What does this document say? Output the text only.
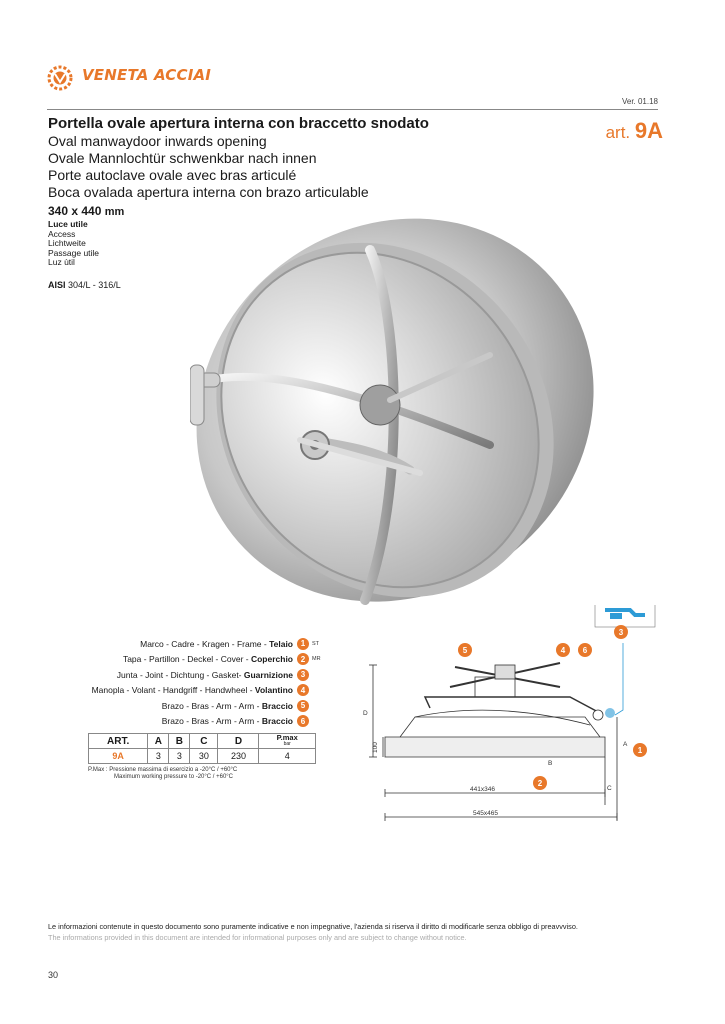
VENETA ACCIAI
Ver. 01.18
Portella ovale apertura interna con braccetto snodato
Oval manwaydoor inwards opening
Ovale Mannlochtür schwenkbar nach innen
Porte autoclave ovale avec bras articulé
Boca ovalada apertura interna con brazo articulable
art. 9A
340 x 440 mm
Luce utile
Access
Lichtweite
Passage utile
Luz ùtil
AISI 304/L - 316/L
Marco - Cadre - Kragen - Frame - Telaio 1	ST
Tapa - Partillon - Deckel - Cover - Coperchio 2	MR
Junta - Joint - Dichtung - Gasket- Guarnizione 3
Manopla - Volant - Handgriff - Handwheel - Volantino 4
Brazo - Bras - Arm - Arm - Braccio 5
Brazo - Bras - Arm - Arm - Braccio 6
ART.	A	B	C	D	P.max
bar

9A	3	3	30	230	4
P.Max : Pressione massima di esercizio a -20°C / +60°C
Maximum working pressure to -20°C / +60°C
5	4 6
1
2
3
D
100	A
B
C
441x346
545x465
Le informazioni contenute in questo documento sono puramente indicative e non impegnative, l'azienda si riserva il diritto di modificarle senza obbligo di preavvviso.
The informations provided in this document are intended for informational purposes only and are subject to change without notice.
30
